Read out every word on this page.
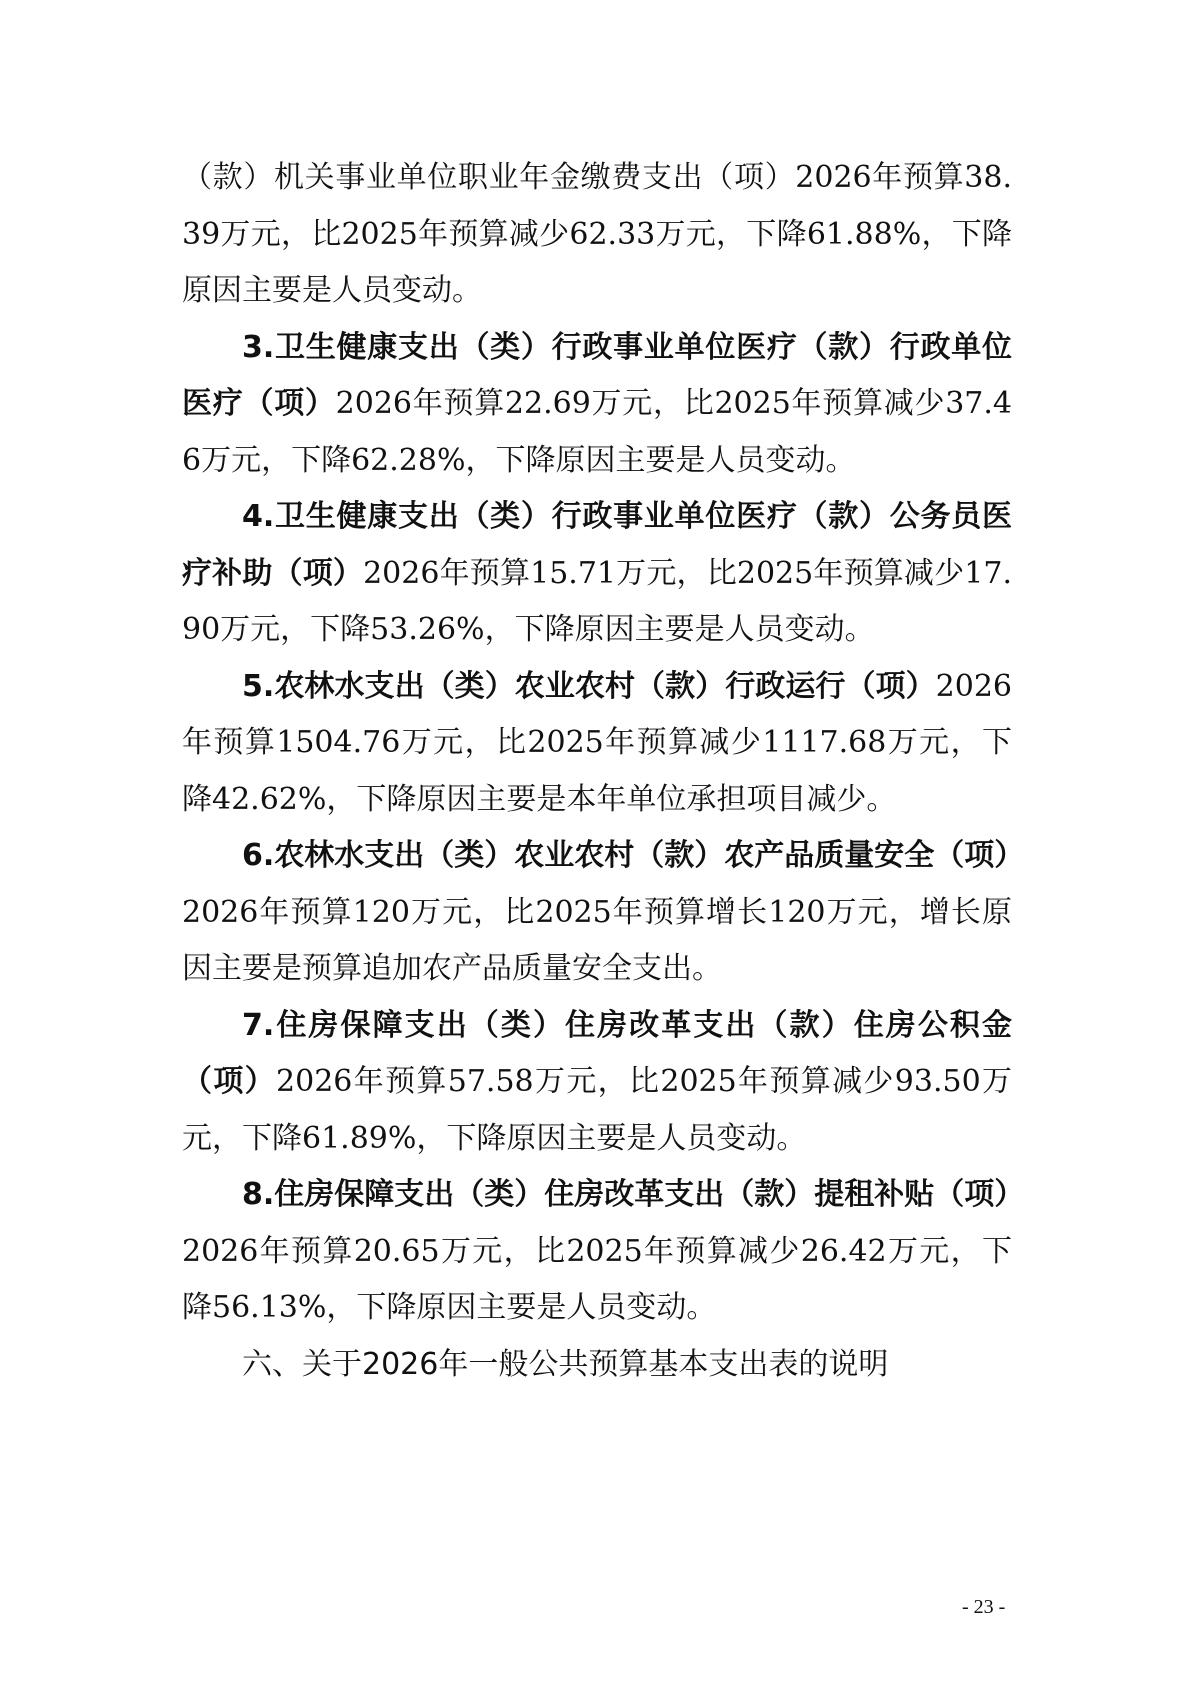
（款）机关事业单位职业年金缴费支出（项）2026年预算38.39万元，比2025年预算减少62.33万元，下降61.88%，下降原因主要是人员变动。

3.卫生健康支出（类）行政事业单位医疗（款）行政单位医疗（项）2026年预算22.69万元，比2025年预算减少37.46万元，下降62.28%，下降原因主要是人员变动。

4.卫生健康支出（类）行政事业单位医疗（款）公务员医疗补助（项）2026年预算15.71万元，比2025年预算减少17.90万元，下降53.26%，下降原因主要是人员变动。

5.农林水支出（类）农业农村（款）行政运行（项）2026年预算1504.76万元，比2025年预算减少1117.68万元，下降42.62%，下降原因主要是本年单位承担项目减少。

6.农林水支出（类）农业农村（款）农产品质量安全（项）2026年预算120万元，比2025年预算增长120万元，增长原因主要是预算追加农产品质量安全支出。

7.住房保障支出（类）住房改革支出（款）住房公积金（项）2026年预算57.58万元，比2025年预算减少93.50万元，下降61.89%，下降原因主要是人员变动。

8.住房保障支出（类）住房改革支出（款）提租补贴（项）2026年预算20.65万元，比2025年预算减少26.42万元，下降56.13%，下降原因主要是人员变动。

六、关于2026年一般公共预算基本支出表的说明

- 23 -
